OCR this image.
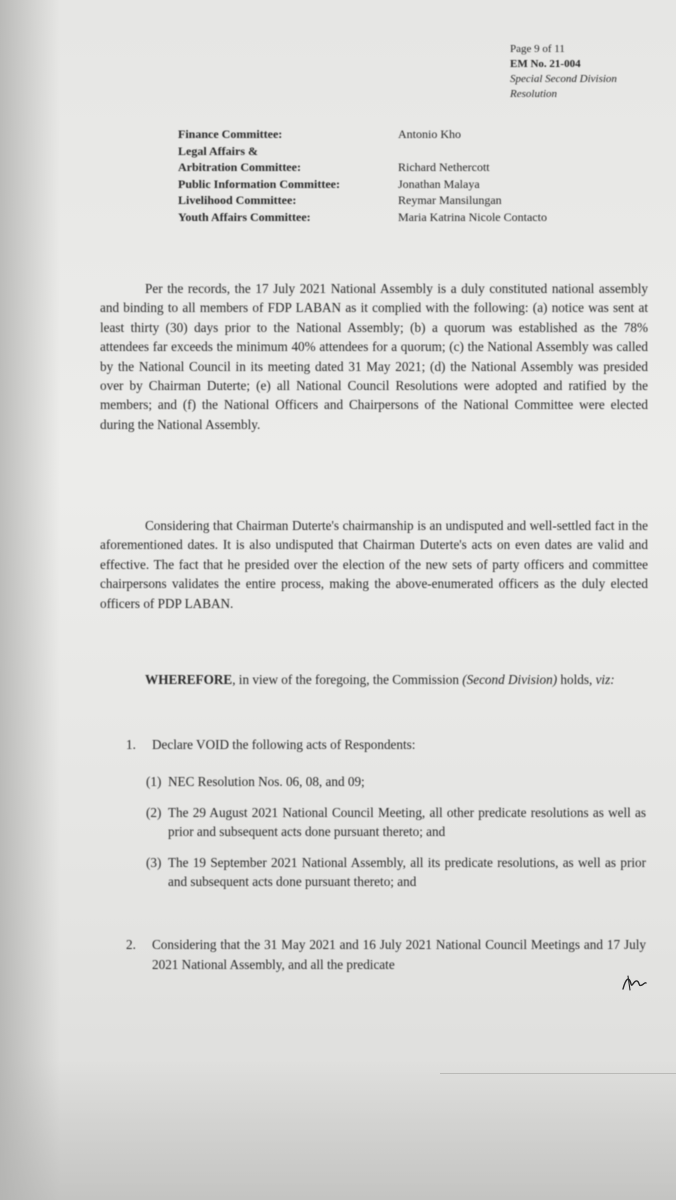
Page 9 of 11
EM No. 21-004
Special Second Division
Resolution
Finance Committee:	Antonio Kho
Legal Affairs &
Arbitration Committee:	Richard Nethercott
Public Information Committee:	Jonathan Malaya
Livelihood Committee:	Reymar Mansilungan
Youth Affairs Committee:	Maria Katrina Nicole Contacto
Per the records, the 17 July 2021 National Assembly is a duly constituted national assembly and binding to all members of FDP LABAN as it complied with the following: (a) notice was sent at least thirty (30) days prior to the National Assembly; (b) a quorum was established as the 78% attendees far exceeds the minimum 40% attendees for a quorum; (c) the National Assembly was called by the National Council in its meeting dated 31 May 2021; (d) the National Assembly was presided over by Chairman Duterte; (e) all National Council Resolutions were adopted and ratified by the members; and (f) the National Officers and Chairpersons of the National Committee were elected during the National Assembly.
Considering that Chairman Duterte's chairmanship is an undisputed and well-settled fact in the aforementioned dates. It is also undisputed that Chairman Duterte's acts on even dates are valid and effective. The fact that he presided over the election of the new sets of party officers and committee chairpersons validates the entire process, making the above-enumerated officers as the duly elected officers of PDP LABAN.
WHEREFORE, in view of the foregoing, the Commission (Second Division) holds, viz:
1.	Declare VOID the following acts of Respondents:
(1) NEC Resolution Nos. 06, 08, and 09;
(2) The 29 August 2021 National Council Meeting, all other predicate resolutions as well as prior and subsequent acts done pursuant thereto; and
(3) The 19 September 2021 National Assembly, all its predicate resolutions, as well as prior and subsequent acts done pursuant thereto; and
2.	Considering that the 31 May 2021 and 16 July 2021 National Council Meetings and 17 July 2021 National Assembly, and all the predicate
